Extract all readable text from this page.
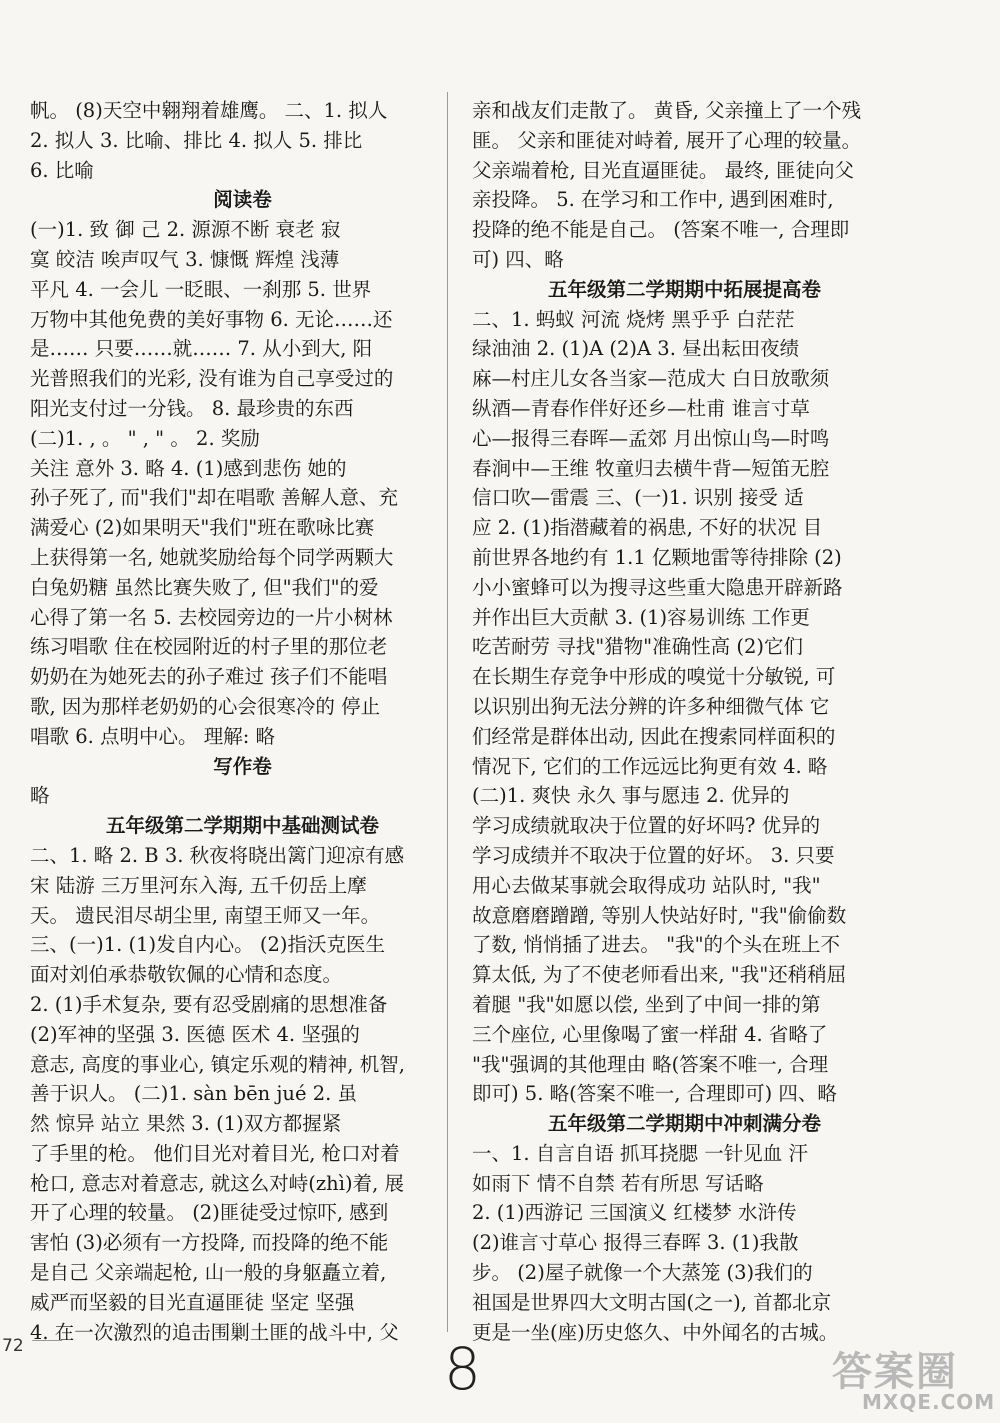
帆。 (8)天空中翱翔着雄鹰。 二、1. 拟人

2. 拟人 3. 比喻、排比 4. 拟人 5. 排比

6. 比喻

阅读卷

(一)1. 致 御 己 2. 源源不断 衰老 寂

寞 皎洁 唉声叹气 3. 慷慨 辉煌 浅薄

平凡 4. 一会儿 一眨眼、一刹那 5. 世界

万物中其他免费的美好事物 6. 无论……还

是…… 只要……就…… 7. 从小到大, 阳

光普照我们的光彩, 没有谁为自己享受过的

阳光支付过一分钱。 8. 最珍贵的东西

(二)1. , 。 " , " 。 2. 奖励

关注 意外 3. 略 4. (1)感到悲伤 她的

孙子死了, 而"我们"却在唱歌 善解人意、充

满爱心 (2)如果明天"我们"班在歌咏比赛

上获得第一名, 她就奖励给每个同学两颗大

白兔奶糖 虽然比赛失败了, 但"我们"的爱

心得了第一名 5. 去校园旁边的一片小树林

练习唱歌 住在校园附近的村子里的那位老

奶奶在为她死去的孙子难过 孩子们不能唱

歌, 因为那样老奶奶的心会很寒冷的 停止

唱歌 6. 点明中心。 理解: 略

写作卷

略

五年级第二学期期中基础测试卷

二、1. 略 2. B 3. 秋夜将晓出篱门迎凉有感

宋 陆游 三万里河东入海, 五千仞岳上摩

天。 遗民泪尽胡尘里, 南望王师又一年。

三、(一)1. (1)发自内心。 (2)指沃克医生

面对刘伯承恭敬钦佩的心情和态度。

2. (1)手术复杂, 要有忍受剧痛的思想准备

(2)军神的坚强 3. 医德 医术 4. 坚强的

意志, 高度的事业心, 镇定乐观的精神, 机智,

善于识人。 (二)1. sàn bēn jué 2. 虽

然 惊异 站立 果然 3. (1)双方都握紧

了手里的枪。 他们目光对着目光, 枪口对着

枪口, 意志对着意志, 就这么对峙(zhì)着, 展

开了心理的较量。 (2)匪徒受过惊吓, 感到

害怕 (3)必须有一方投降, 而投降的绝不能

是自己 父亲端起枪, 山一般的身躯矗立着,

威严而坚毅的目光直逼匪徒 坚定 坚强

4. 在一次激烈的追击围剿土匪的战斗中, 父

亲和战友们走散了。 黄昏, 父亲撞上了一个残

匪。 父亲和匪徒对峙着, 展开了心理的较量。

父亲端着枪, 目光直逼匪徒。 最终, 匪徒向父

亲投降。 5. 在学习和工作中, 遇到困难时,

投降的绝不能是自己。 (答案不唯一, 合理即

可) 四、略

五年级第二学期期中拓展提高卷

二、1. 蚂蚁 河流 烧烤 黑乎乎 白茫茫

绿油油 2. (1)A (2)A 3. 昼出耘田夜绩

麻—村庄儿女各当家—范成大 白日放歌须

纵酒—青春作伴好还乡—杜甫 谁言寸草

心—报得三春晖—孟郊 月出惊山鸟—时鸣

春涧中—王维 牧童归去横牛背—短笛无腔

信口吹—雷震 三、(一)1. 识别 接受 适

应 2. (1)指潜藏着的祸患, 不好的状况 目

前世界各地约有 1.1 亿颗地雷等待排除 (2)

小小蜜蜂可以为搜寻这些重大隐患开辟新路

并作出巨大贡献 3. (1)容易训练 工作更

吃苦耐劳 寻找"猎物"准确性高 (2)它们

在长期生存竞争中形成的嗅觉十分敏锐, 可

以识别出狗无法分辨的许多种细微气体 它

们经常是群体出动, 因此在搜索同样面积的

情况下, 它们的工作远远比狗更有效 4. 略

(二)1. 爽快 永久 事与愿违 2. 优异的

学习成绩就取决于位置的好坏吗? 优异的

学习成绩并不取决于位置的好坏。 3. 只要

用心去做某事就会取得成功 站队时, "我"

故意磨磨蹭蹭, 等别人快站好时, "我"偷偷数

了数, 悄悄插了进去。 "我"的个头在班上不

算太低, 为了不使老师看出来, "我"还稍稍屈

着腿 "我"如愿以偿, 坐到了中间一排的第

三个座位, 心里像喝了蜜一样甜 4. 省略了

"我"强调的其他理由 略(答案不唯一, 合理

即可) 5. 略(答案不唯一, 合理即可) 四、略

五年级第二学期期中冲刺满分卷

一、1. 自言自语 抓耳挠腮 一针见血 汗

如雨下 情不自禁 若有所思 写话略

2. (1)西游记 三国演义 红楼梦 水浒传

(2)谁言寸草心 报得三春晖 3. (1)我散

步。 (2)屋子就像一个大蒸笼 (3)我们的

祖国是世界四大文明古国(之一), 首都北京

更是一坐(座)历史悠久、中外闻名的古城。

72	8	答案圈
MXQE.COM
